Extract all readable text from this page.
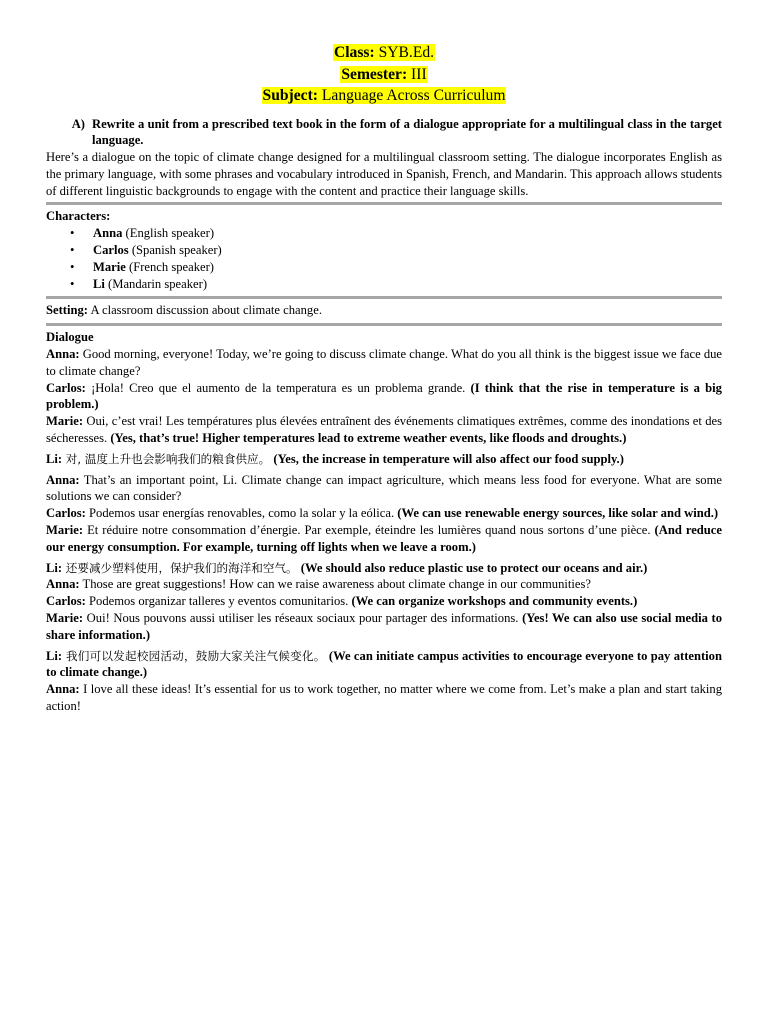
Class: SYB.Ed.
Semester: III
Subject: Language Across Curriculum
A) Rewrite a unit from a prescribed text book in the form of a dialogue appropriate for a multilingual class in the target language.

Here’s a dialogue on the topic of climate change designed for a multilingual classroom setting. The dialogue incorporates English as the primary language, with some phrases and vocabulary introduced in Spanish, French, and Mandarin. This approach allows students of different linguistic backgrounds to engage with the content and practice their language skills.

Characters:
• Anna (English speaker)
• Carlos (Spanish speaker)
• Marie (French speaker)
• Li (Mandarin speaker)
Setting: A classroom discussion about climate change.
Dialogue
Anna: Good morning, everyone! Today, we’re going to discuss climate change. What do you all think is the biggest issue we face due to climate change?
Carlos: ¡Hola! Creo que el aumento de la temperatura es un problema grande. (I think that the rise in temperature is a big problem.)
Marie: Oui, c’est vrai! Les températures plus élevées entraînent des événements climatiques extrêmes, comme des inondations et des sécheresses. (Yes, that’s true! Higher temperatures lead to extreme weather events, like floods and droughts.)
Li: 对, 温度上升也会影响我们的粮食供应。 (Yes, the increase in temperature will also affect our food supply.)
Anna: That’s an important point, Li. Climate change can impact agriculture, which means less food for everyone. What are some solutions we can consider?
Carlos: Podemos usar energías renovables, como la solar y la eólica. (We can use renewable energy sources, like solar and wind.)
Marie: Et réduire notre consommation d’énergie. Par exemple, éteindre les lumières quand nous sortons d’une pièce. (And reduce our energy consumption. For example, turning off lights when we leave a room.)
Li: 还要减少塑料使用，保护我们的海洋和空气。 (We should also reduce plastic use to protect our oceans and air.)
Anna: Those are great suggestions! How can we raise awareness about climate change in our communities?
Carlos: Podemos organizar talleres y eventos comunitarios. (We can organize workshops and community events.)
Marie: Oui! Nous pouvons aussi utiliser les réseaux sociaux pour partager des informations. (Yes! We can also use social media to share information.)
Li: 我们可以发起校园活动，鼓励大家关注气候变化。 (We can initiate campus activities to encourage everyone to pay attention to climate change.)
Anna: I love all these ideas! It’s essential for us to work together, no matter where we come from. Let’s make a plan and start taking action!
